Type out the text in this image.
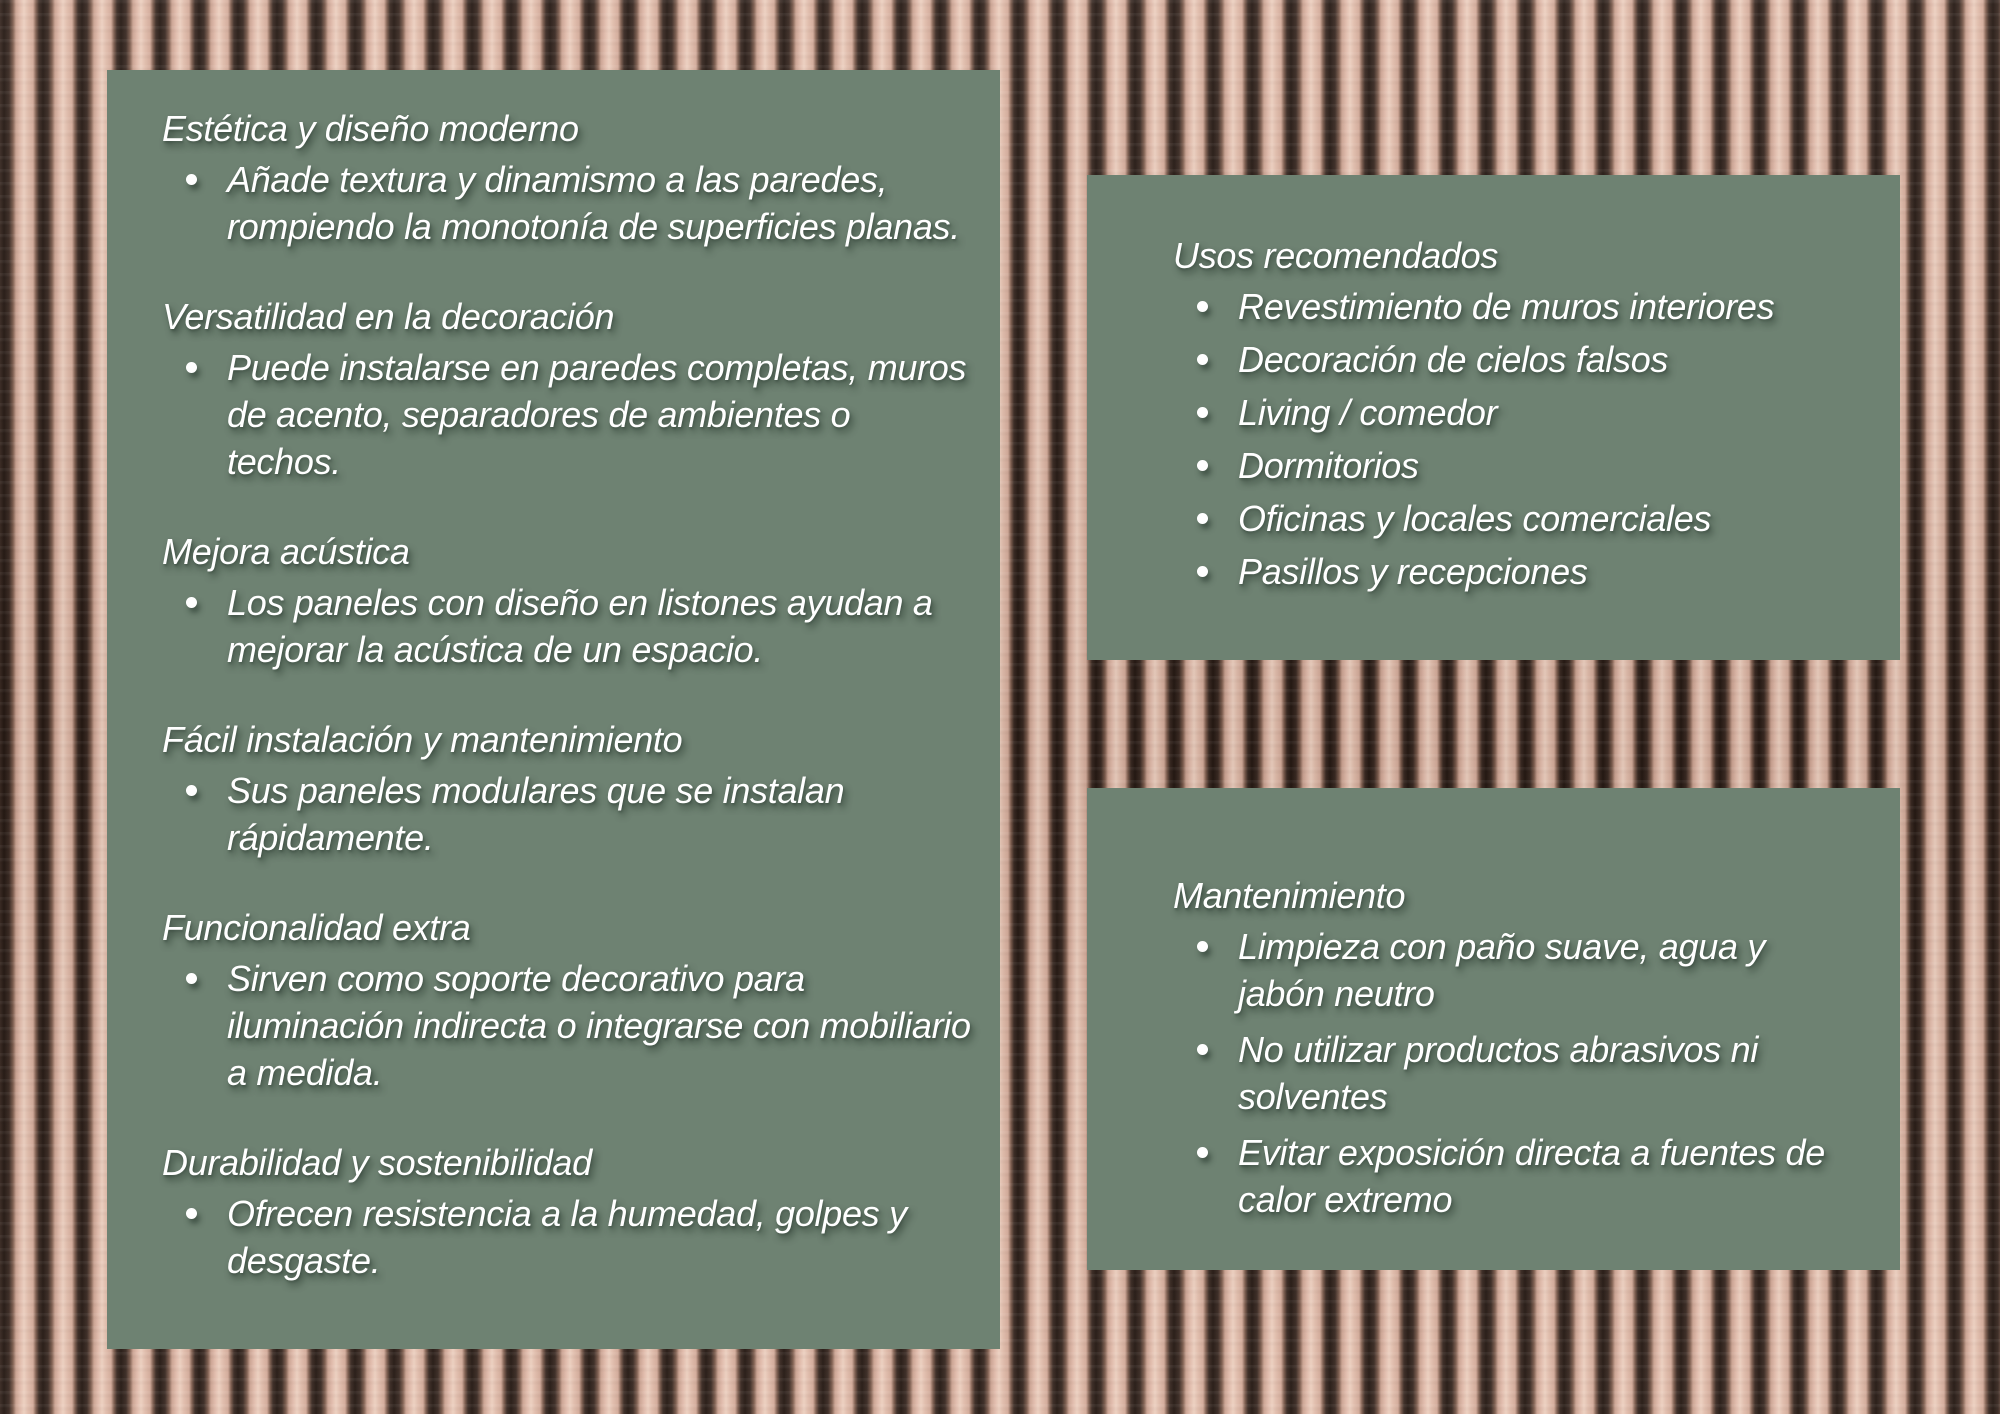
Estética y diseño moderno
Añade textura y dinamismo a las paredes, rompiendo la monotonía de superficies planas.
Versatilidad en la decoración
Puede instalarse en paredes completas, muros de acento, separadores de ambientes o techos.
Mejora acústica
Los paneles con diseño en listones ayudan a mejorar la acústica de un espacio.
Fácil instalación y mantenimiento
Sus paneles modulares que se instalan rápidamente.
Funcionalidad extra
Sirven como soporte decorativo para iluminación indirecta o integrarse con mobiliario a medida.
Durabilidad y sostenibilidad
Ofrecen resistencia a la humedad, golpes y desgaste.
Usos recomendados
Revestimiento de muros interiores
Decoración de cielos falsos
Living / comedor
Dormitorios
Oficinas y locales comerciales
Pasillos y recepciones
Mantenimiento
Limpieza con paño suave, agua y jabón neutro
No utilizar productos abrasivos ni solventes
Evitar exposición directa a fuentes de calor extremo
